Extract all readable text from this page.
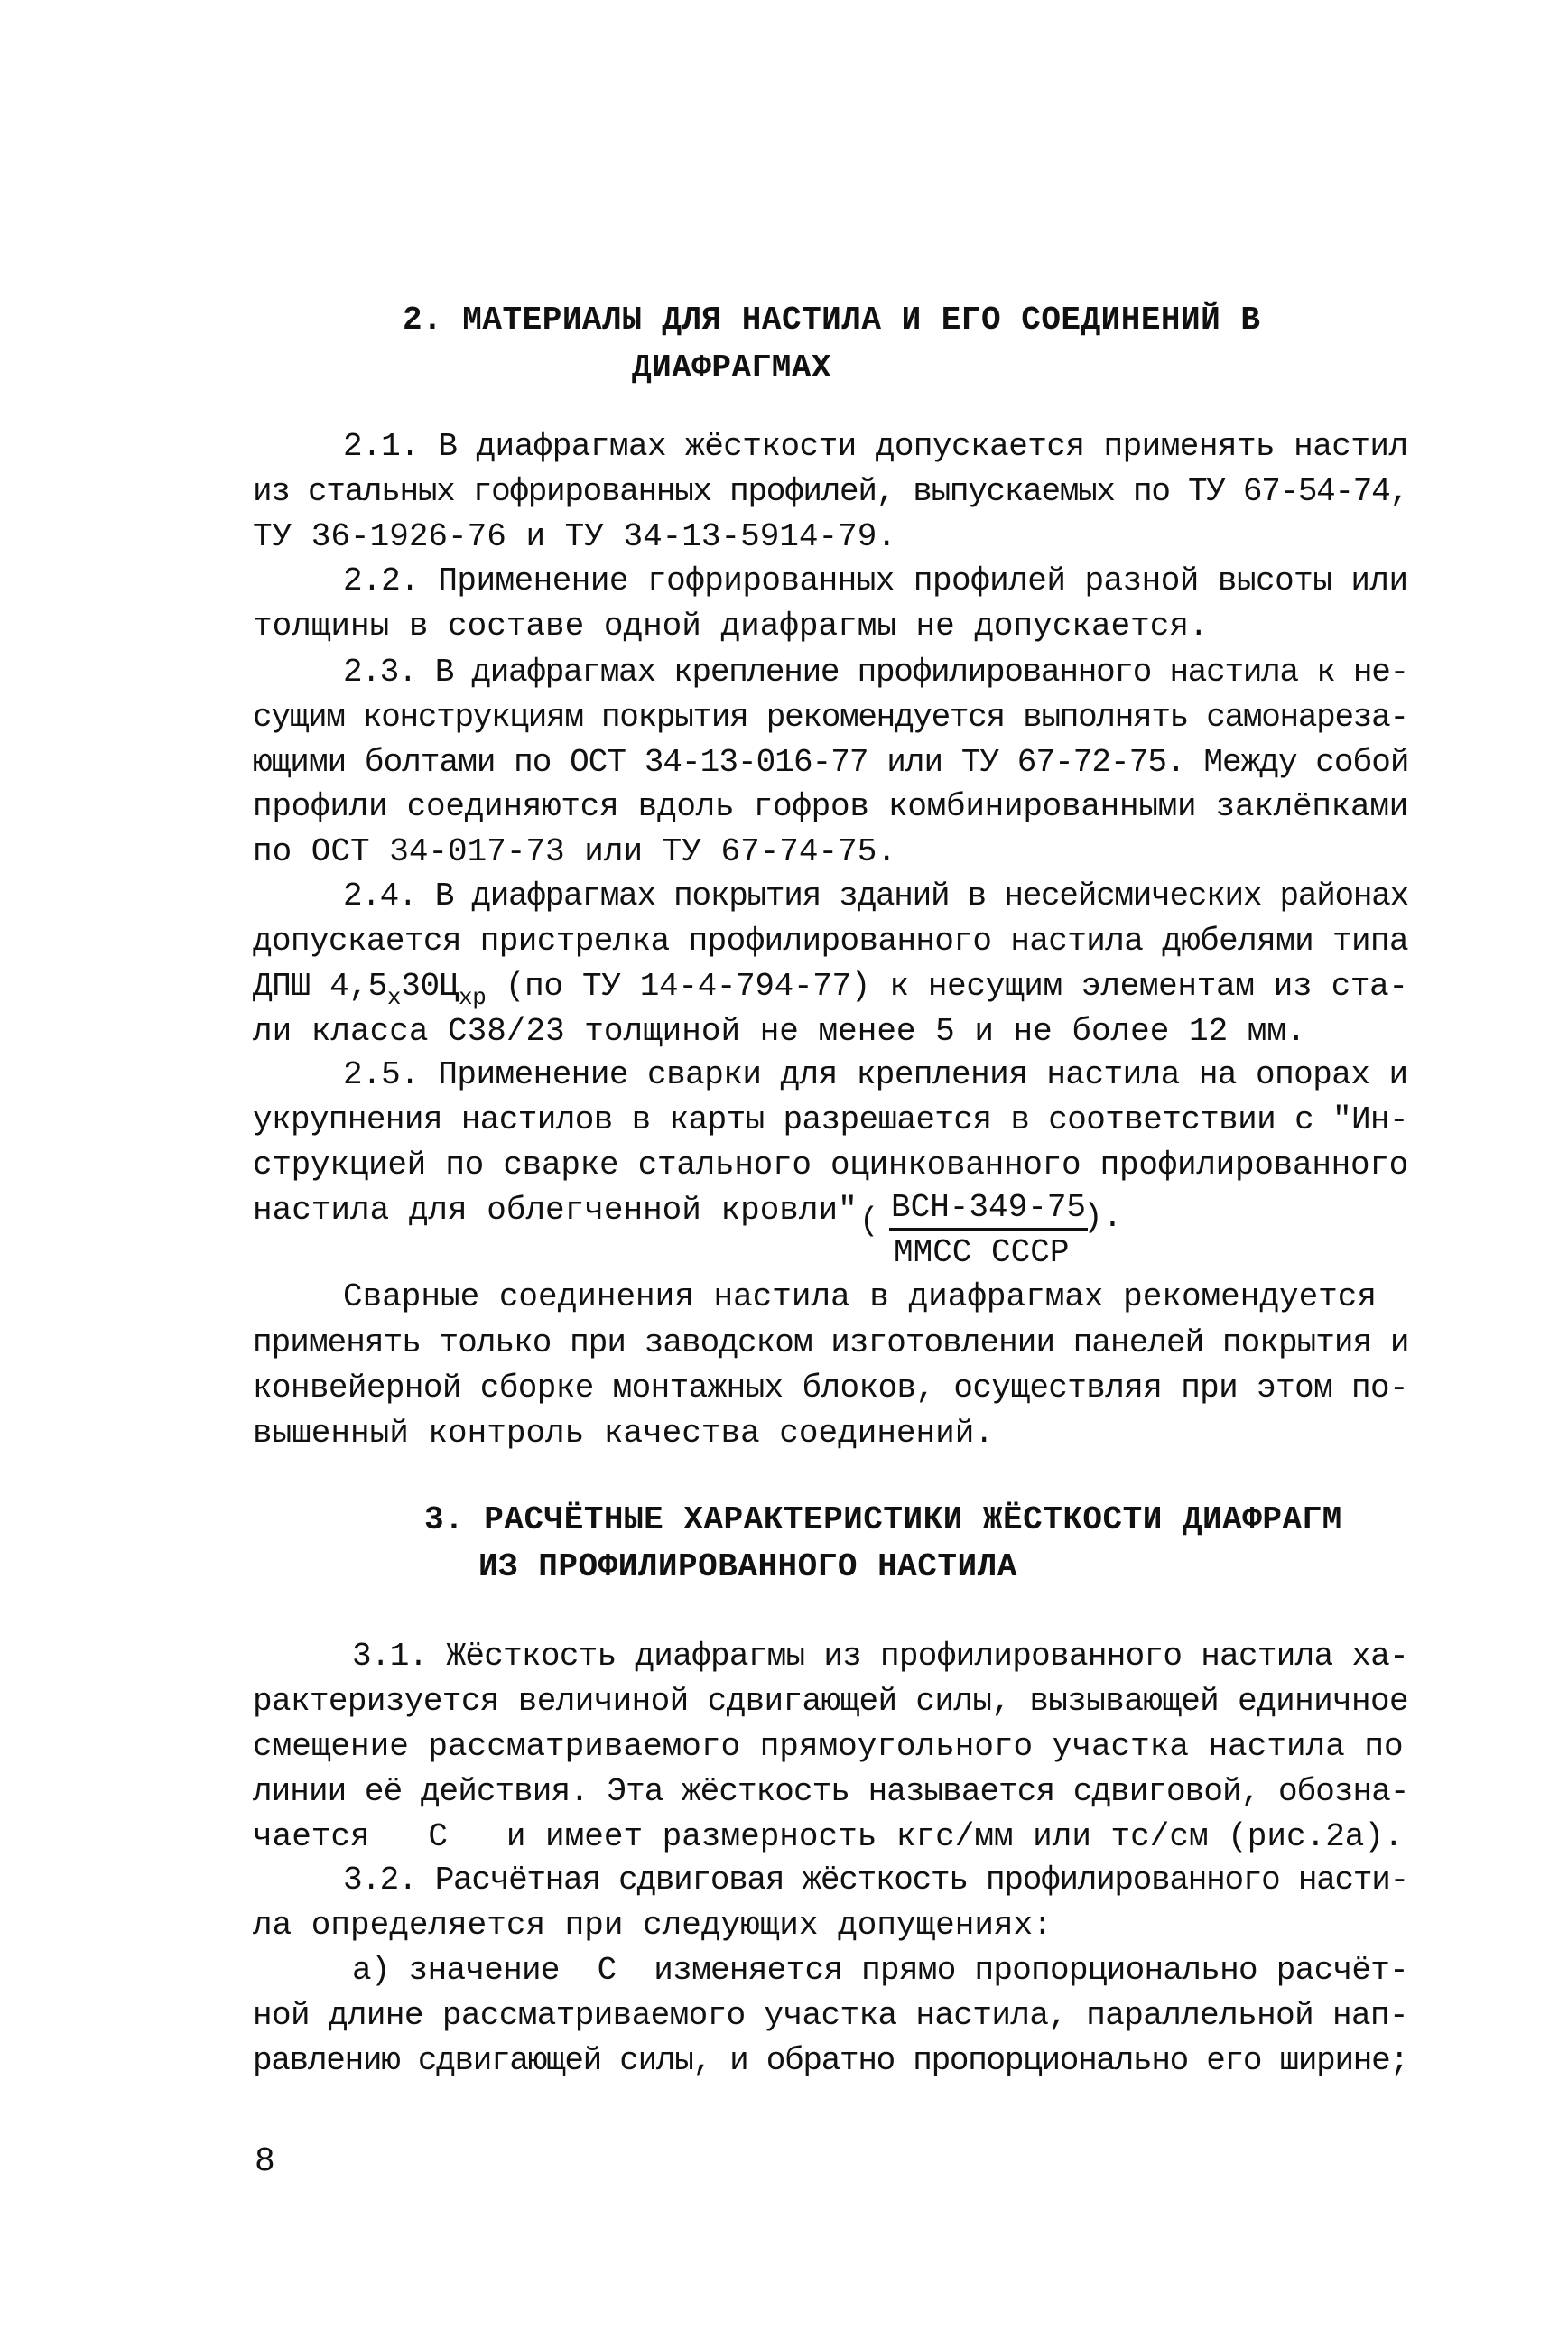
2. МАТЕРИАЛЫ ДЛЯ НАСТИЛА И ЕГО СОЕДИНЕНИЙ В
ДИАФРАГМАХ
2.1. В диафрагмах жёсткости допускается применять настил
из стальных гофрированных профилей, выпускаемых по ТУ 67-54-74,
ТУ 36-1926-76 и ТУ 34-13-5914-79.
2.2. Применение гофрированных профилей разной высоты или
толщины в составе одной диафрагмы не допускается.
2.3. В диафрагмах крепление профилированного настила к не-
сущим конструкциям покрытия рекомендуется выполнять самонареза-
ющими болтами по ОСТ 34-13-016-77 или ТУ 67-72-75. Между собой
профили соединяются вдоль гофров комбинированными заклёпками
по ОСТ 34-017-73 или ТУ 67-74-75.
2.4. В диафрагмах покрытия зданий в несейсмических районах
допускается пристрелка профилированного настила дюбелями типа
ДПШ $4,5_х30Ц_{хр}$ (по ТУ 14-4-794-77) к несущим элементам из ста-
ли класса С38/23 толщиной не менее 5 и не более 12 мм.
2.5. Применение сварки для крепления настила на опорах и
укрупнения настилов в карты разрешается в соответствии с "Ин-
струкцией по сварке стального оцинкованного профилированного
настила для облегченной кровли" ( ВСН-349-75
ММСС СССР
).
Сварные соединения настила в диафрагмах рекомендуется
применять только при заводском изготовлении панелей покрытия и
конвейерной сборке монтажных блоков, осуществляя при этом по-
вышенный контроль качества соединений.
3. РАСЧЁТНЫЕ ХАРАКТЕРИСТИКИ ЖЁСТКОСТИ ДИАФРАГМ
ИЗ ПРОФИЛИРОВАННОГО НАСТИЛА
3.1. Жёсткость диафрагмы из профилированного настила ха-
рактеризуется величиной сдвигающей силы, вызывающей единичное
смещение рассматриваемого прямоугольного участка настила по
линии её действия. Эта жёсткость называется сдвиговой, обозна-
чается   С   и имеет размерность кгс/мм или тс/см (рис.2а).
3.2. Расчётная сдвиговая жёсткость профилированного насти-
ла определяется при следующих допущениях:
а) значение  С  изменяется прямо пропорционально расчёт-
ной длине рассматриваемого участка настила, параллельной нап-
равлению сдвигающей силы, и обратно пропорционально его ширине;
8
